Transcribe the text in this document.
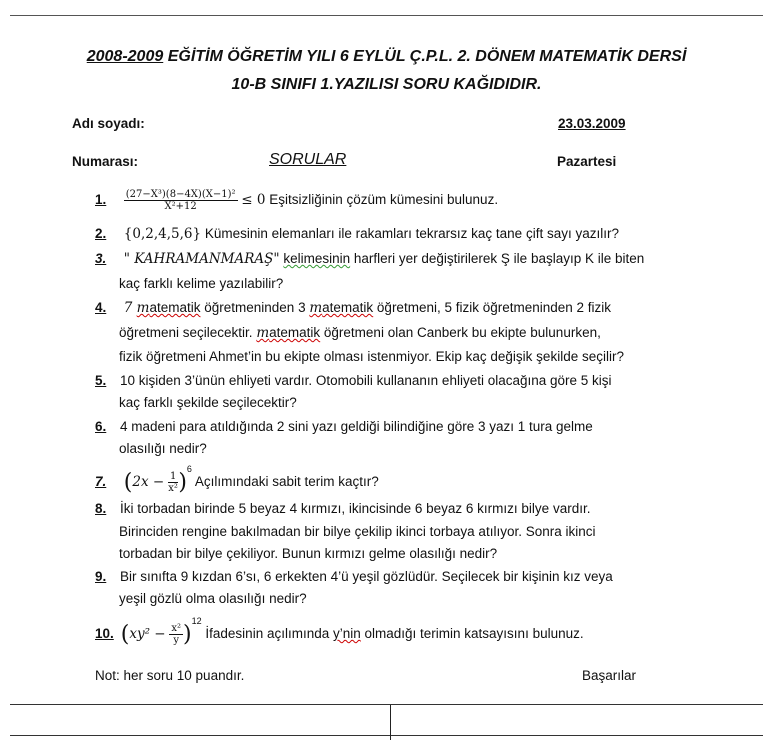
2008-2009 EĞİTİM ÖĞRETİM YILI 6 EYLÜL Ç.P.L. 2. DÖNEM MATEMATİK DERSİ
10-B SINIFI 1.YAZILISI SORU KAĞIDIDIR.
Adı soyadı:	23.03.2009
Numarası:	SORULAR	Pazartesi
1. $\frac{\text{(27−X³)(8−4X)(X−1)²}}{\text{X²+12}} \le 0$ Eşitsizliğinin çözüm kümesini bulunuz.
2. {0,2,4,5,6} Kümesinin elemanları ile rakamları tekrarsız kaç tane çift sayı yazılır?
3. " KAHRAMANMARAŞ" kelimesinin harfleri yer değiştirilerek Ş ile başlayıp K ile biten
kaç farklı kelime yazılabilir?
4. 7 matematik öğretmeninden 3 matematik öğretmeni, 5 fizik öğretmeninden 2 fizik
öğretmeni seçilecektir. matematik öğretmeni olan Canberk bu ekipte bulunurken,
fizik öğretmeni Ahmet’in bu ekipte olması istenmiyor. Ekip kaç değişik şekilde seçilir?
5. 10 kişiden 3’ünün ehliyeti vardır. Otomobili kullananın ehliyeti olacağına göre 5 kişi
kaç farklı şekilde seçilecektir?
6. 4 madeni para atıldığında 2 sini yazı geldiği bilindiğine göre 3 yazı 1 tura gelme
olasılığı nedir?
7. $(2x - \frac{1}{\text{x²}} )^6$ Açılımındaki sabit terim kaçtır?
8. İki torbadan birinde 5 beyaz 4 kırmızı, ikincisinde 6 beyaz 6 kırmızı bilye vardır.
Birinciden rengine bakılmadan bir bilye çekilip ikinci torbaya atılıyor. Sonra ikinci
torbadan bir bilye çekiliyor. Bunun kırmızı gelme olasılığı nedir?
9. Bir sınıfta 9 kızdan 6’sı, 6 erkekten 4’ü yeşil gözlüdür. Seçilecek bir kişinin kız veya
yeşil gözlü olma olasılığı nedir?
10. $(xy^2 - \frac{\text{x²}}{y} )^{12}$ İfadesinin açılımında y’nin olmadığı terimin katsayısını bulunuz.
Not: her soru 10 puandır.	Başarılar
